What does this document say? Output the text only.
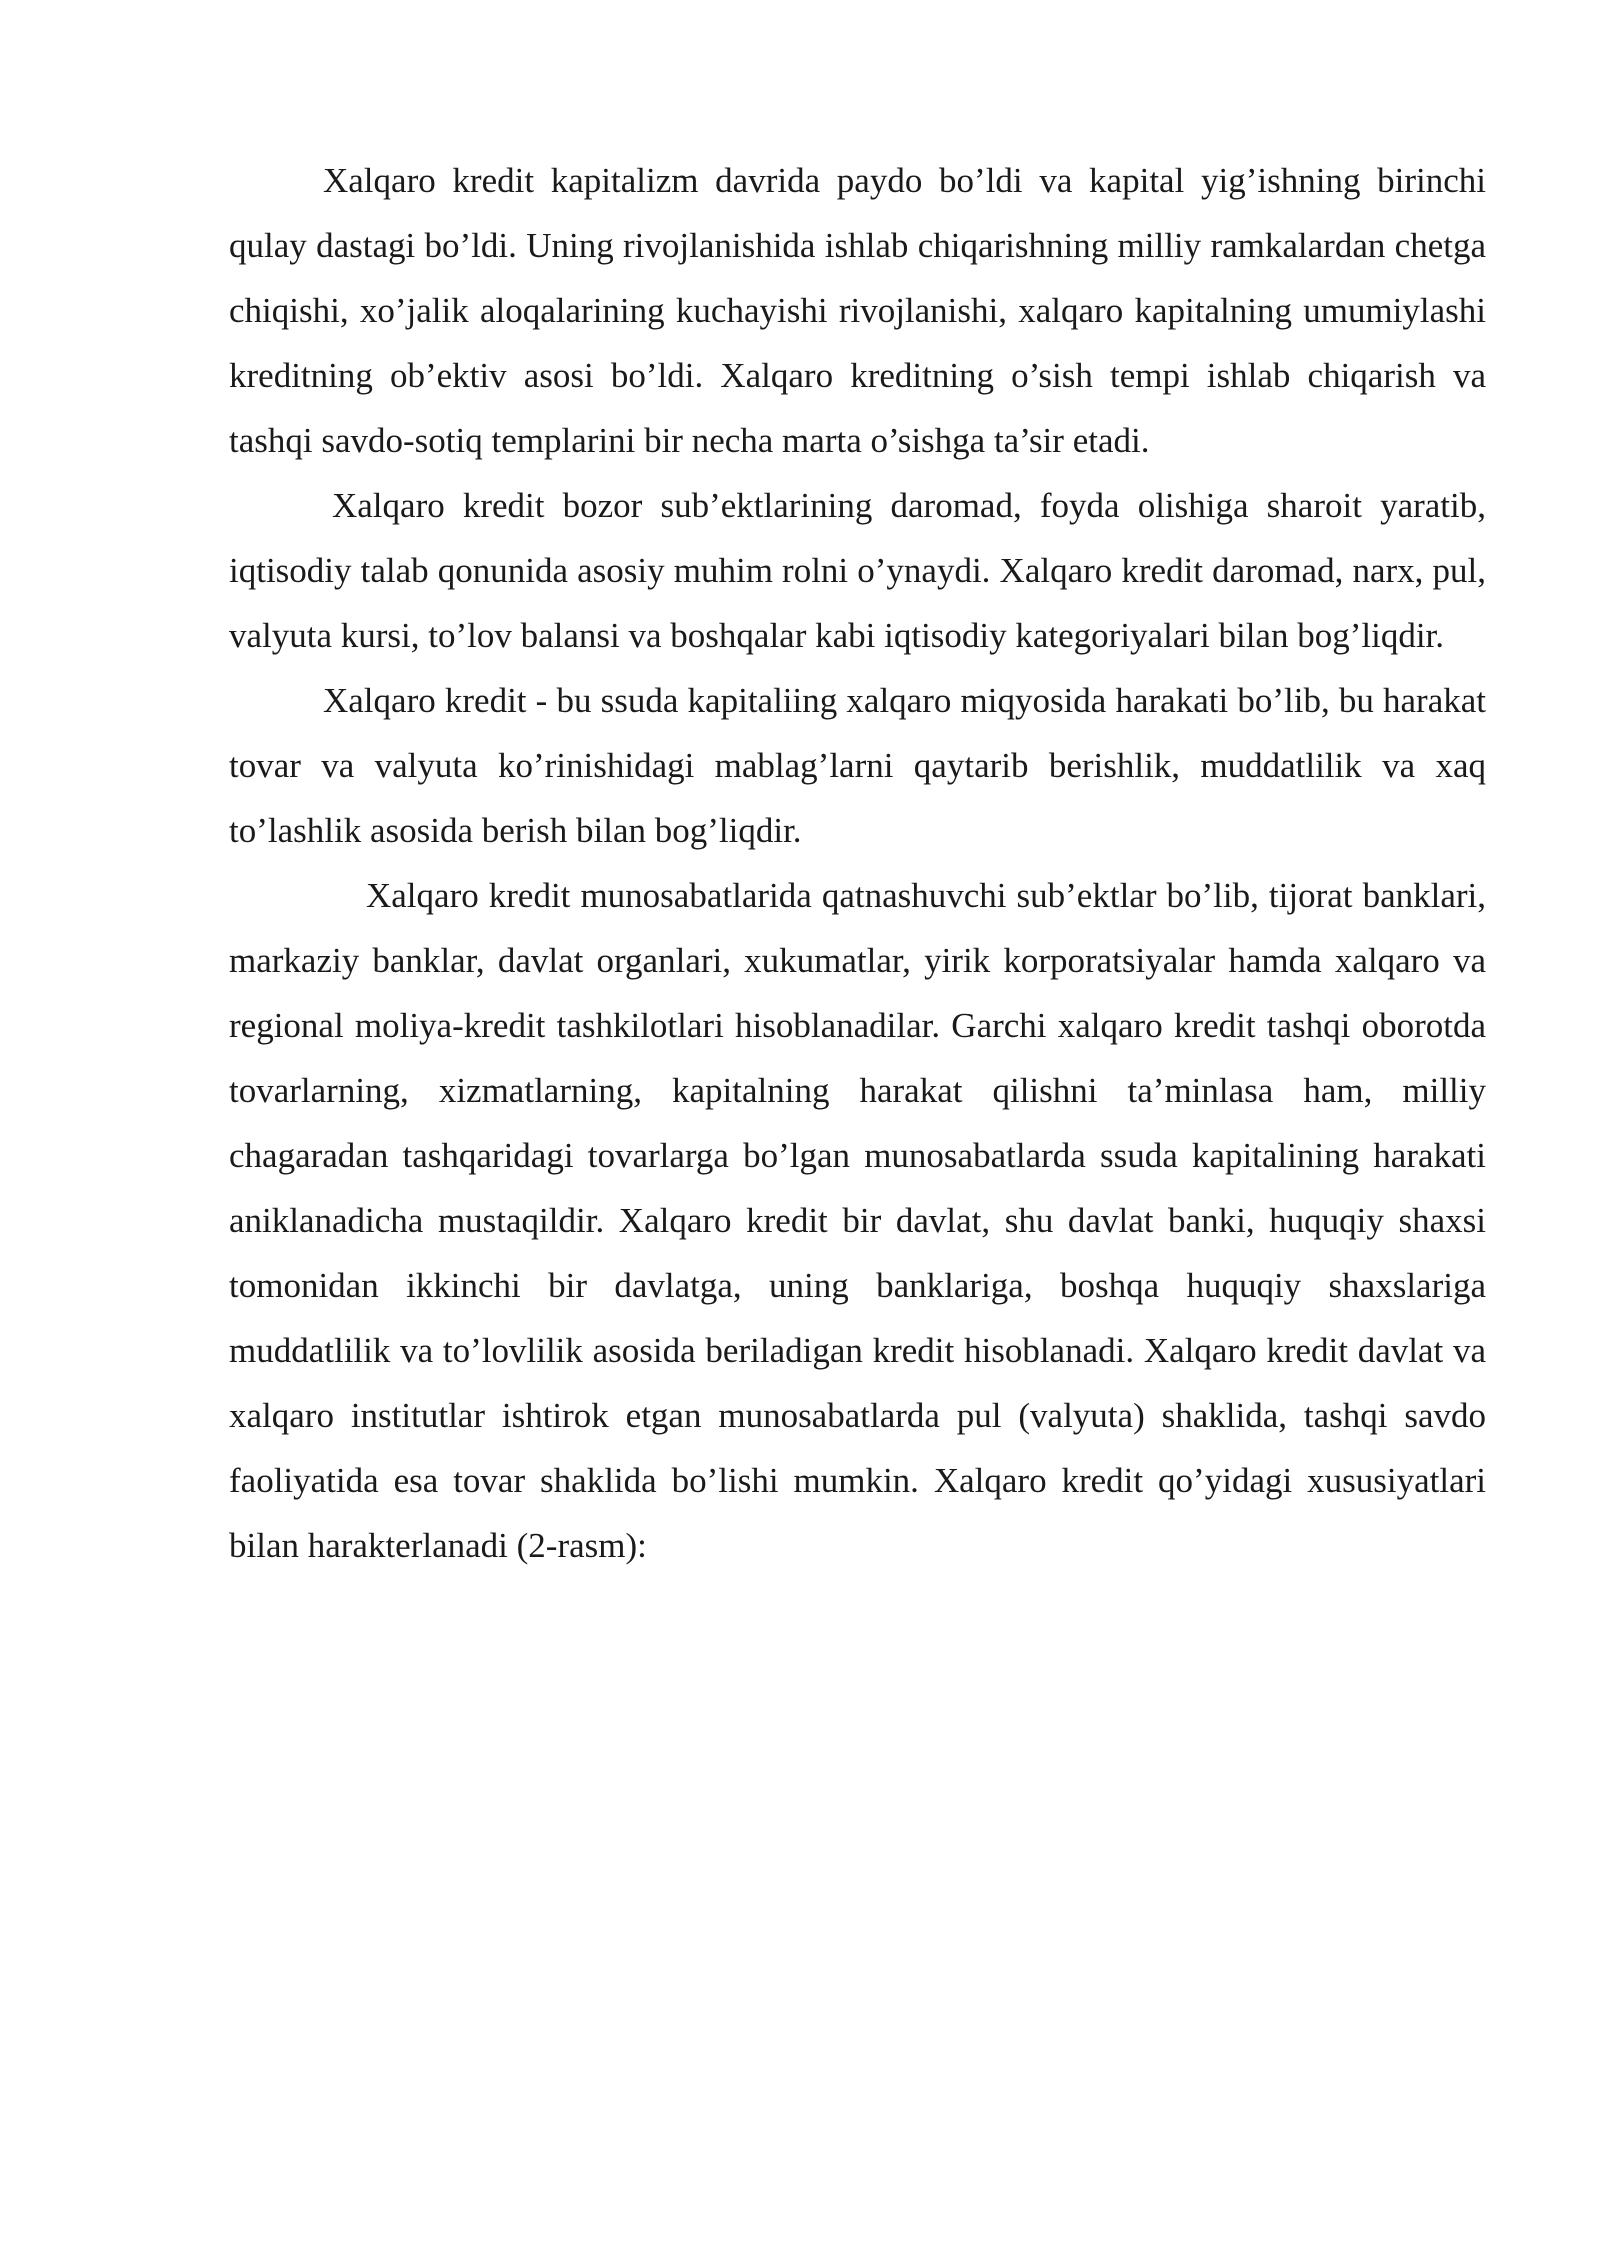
Xalqaro kredit kapitalizm davrida paydo bo’ldi va kapital yig’ishning birinchi qulay dastagi bo’ldi. Uning rivojlanishida ishlab chiqarishning milliy ramkalardan chetga chiqishi, xo’jalik aloqalarining kuchayishi rivojlanishi, xalqaro kapitalning umumiylashi kreditning ob’ektiv asosi bo’ldi. Xalqaro kreditning o’sish tempi ishlab chiqarish va tashqi savdo-sotiq templarini bir necha marta o’sishga ta’sir etadi.

Xalqaro kredit bozor sub’ektlarining daromad, foyda olishiga sharoit yaratib, iqtisodiy talab qonunida asosiy muhim rolni o’ynaydi. Xalqaro kredit daromad, narx, pul, valyuta kursi, to’lov balansi va boshqalar kabi iqtisodiy kategoriyalari bilan bog’liqdir.

Xalqaro kredit - bu ssuda kapitaliing xalqaro miqyosida harakati bo’lib, bu harakat tovar va valyuta ko’rinishidagi mablag’larni qaytarib berishlik, muddatlilik va xaq to’lashlik asosida berish bilan bog’liqdir.

Xalqaro kredit munosabatlarida qatnashuvchi sub’ektlar bo’lib, tijorat banklari, markaziy banklar, davlat organlari, xukumatlar, yirik korporatsiyalar hamda xalqaro va regional moliya-kredit tashkilotlari hisoblanadilar. Garchi xalqaro kredit tashqi oborotda tovarlarning, xizmatlarning, kapitalning harakat qilishni ta’minlasa ham, milliy chagaradan tashqaridagi tovarlarga bo’lgan munosabatlarda ssuda kapitalining harakati aniklanadicha mustaqildir. Xalqaro kredit bir davlat, shu davlat banki, huquqiy shaxsi tomonidan ikkinchi bir davlatga, uning banklariga, boshqa huquqiy shaxslariga muddatlilik va to’lovlilik asosida beriladigan kredit hisoblanadi. Xalqaro kredit davlat va xalqaro institutlar ishtirok etgan munosabatlarda pul (valyuta) shaklida, tashqi savdo faoliyatida esa tovar shaklida bo’lishi mumkin. Xalqaro kredit qo’yidagi xususiyatlari bilan harakterlanadi (2-rasm):
